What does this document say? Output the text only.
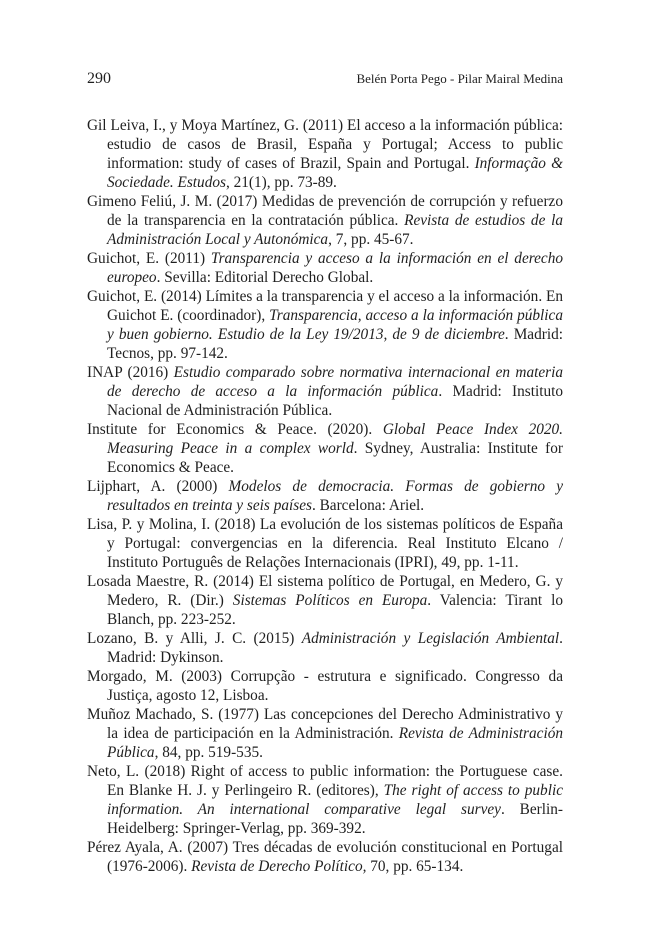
290	Belén Porta Pego - Pilar Mairal Medina
Gil Leiva, I., y Moya Martínez, G. (2011) El acceso a la información pública: estudio de casos de Brasil, España y Portugal; Access to public information: study of cases of Brazil, Spain and Portugal. Informação & Sociedade. Estudos, 21(1), pp. 73-89.
Gimeno Feliú, J. M. (2017) Medidas de prevención de corrupción y refuerzo de la transparencia en la contratación pública. Revista de estudios de la Administración Local y Autonómica, 7, pp. 45-67.
Guichot, E. (2011) Transparencia y acceso a la información en el derecho europeo. Sevilla: Editorial Derecho Global.
Guichot, E. (2014) Límites a la transparencia y el acceso a la información. En Guichot E. (coordinador), Transparencia, acceso a la información pública y buen gobierno. Estudio de la Ley 19/2013, de 9 de diciembre. Madrid: Tecnos, pp. 97-142.
INAP (2016) Estudio comparado sobre normativa internacional en materia de derecho de acceso a la información pública. Madrid: Instituto Nacional de Administración Pública.
Institute for Economics & Peace. (2020). Global Peace Index 2020. Measuring Peace in a complex world. Sydney, Australia: Institute for Economics & Peace.
Lijphart, A. (2000) Modelos de democracia. Formas de gobierno y resultados en treinta y seis países. Barcelona: Ariel.
Lisa, P. y Molina, I. (2018) La evolución de los sistemas políticos de España y Portugal: convergencias en la diferencia. Real Instituto Elcano / Instituto Português de Relações Internacionais (IPRI), 49, pp. 1-11.
Losada Maestre, R. (2014) El sistema político de Portugal, en Medero, G. y Medero, R. (Dir.) Sistemas Políticos en Europa. Valencia: Tirant lo Blanch, pp. 223-252.
Lozano, B. y Alli, J. C. (2015) Administración y Legislación Ambiental. Madrid: Dykinson.
Morgado, M. (2003) Corrupção - estrutura e significado. Congresso da Justiça, agosto 12, Lisboa.
Muñoz Machado, S. (1977) Las concepciones del Derecho Administrativo y la idea de participación en la Administración. Revista de Administración Pública, 84, pp. 519-535.
Neto, L. (2018) Right of access to public information: the Portuguese case. En Blanke H. J. y Perlingeiro R. (editores), The right of access to public information. An international comparative legal survey. Berlin-Heidelberg: Springer-Verlag, pp. 369-392.
Pérez Ayala, A. (2007) Tres décadas de evolución constitucional en Portugal (1976-2006). Revista de Derecho Político, 70, pp. 65-134.
